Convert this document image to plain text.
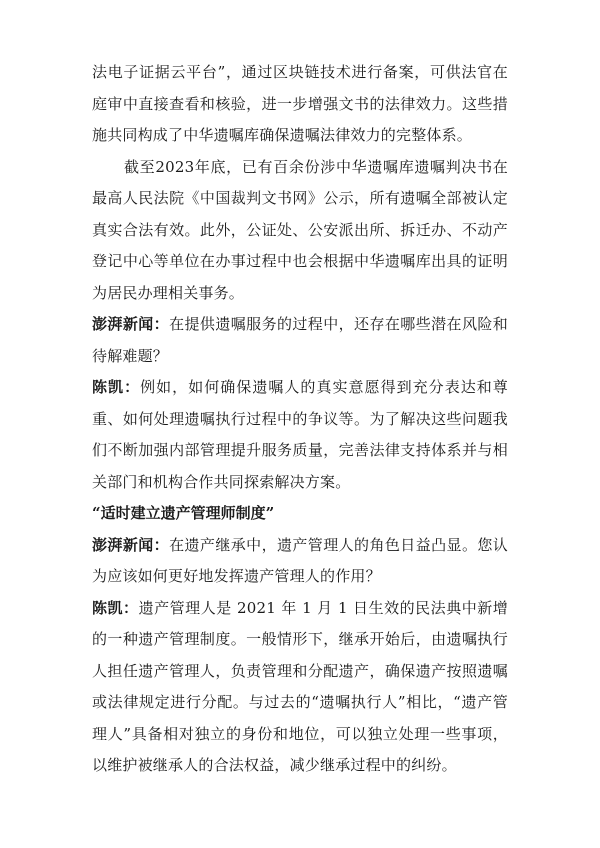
法电子证据云平台”，通过区块链技术进行备案，可供法官在庭审中直接查看和核验，进一步增强文书的法律效力。这些措施共同构成了中华遗嘱库确保遗嘱法律效力的完整体系。

截至2023年底，已有百余份涉中华遗嘱库遗嘱判决书在最高人民法院《中国裁判文书网》公示，所有遗嘱全部被认定真实合法有效。此外，公证处、公安派出所、拆迁办、不动产登记中心等单位在办事过程中也会根据中华遗嘱库出具的证明为居民办理相关事务。

澎湃新闻：在提供遗嘱服务的过程中，还存在哪些潜在风险和待解难题？

陈凯：例如，如何确保遗嘱人的真实意愿得到充分表达和尊重、如何处理遗嘱执行过程中的争议等。为了解决这些问题我们不断加强内部管理提升服务质量，完善法律支持体系并与相关部门和机构合作共同探索解决方案。

“适时建立遗产管理师制度”

澎湃新闻：在遗产继承中，遗产管理人的角色日益凸显。您认为应该如何更好地发挥遗产管理人的作用？

陈凯：遗产管理人是 2021 年 1 月 1 日生效的民法典中新增的一种遗产管理制度。一般情形下，继承开始后，由遗嘱执行人担任遗产管理人，负责管理和分配遗产，确保遗产按照遗嘱或法律规定进行分配。与过去的“遗嘱执行人”相比，“遗产管理人”具备相对独立的身份和地位，可以独立处理一些事项，以维护被继承人的合法权益，减少继承过程中的纠纷。
